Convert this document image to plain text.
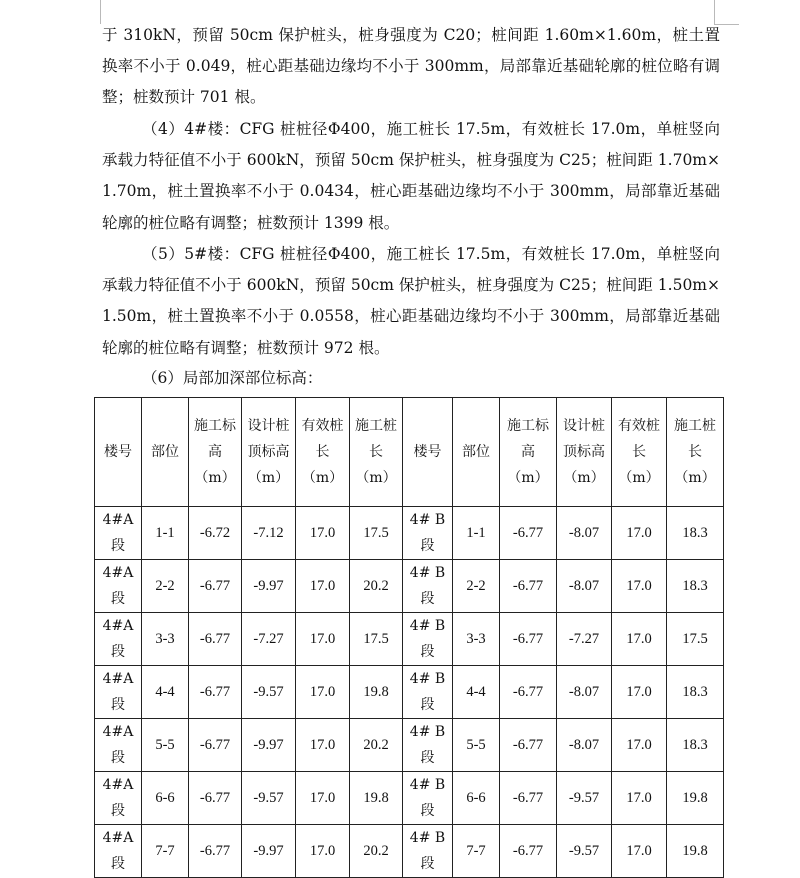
于 310kN，预留 50cm 保护桩头，桩身强度为 C20；桩间距 1.60m×1.60m，桩土置换率不小于 0.049，桩心距基础边缘均不小于 300mm，局部靠近基础轮廓的桩位略有调整；桩数预计 701 根。

（4）4#楼：CFG 桩桩径Φ400，施工桩长 17.5m，有效桩长 17.0m，单桩竖向承载力特征值不小于 600kN，预留 50cm 保护桩头，桩身强度为 C25；桩间距 1.70m×1.70m，桩土置换率不小于 0.0434，桩心距基础边缘均不小于 300mm，局部靠近基础轮廓的桩位略有调整；桩数预计 1399 根。

（5）5#楼：CFG 桩桩径Φ400，施工桩长 17.5m，有效桩长 17.0m，单桩竖向承载力特征值不小于 600kN，预留 50cm 保护桩头，桩身强度为 C25；桩间距 1.50m×1.50m，桩土置换率不小于 0.0558，桩心距基础边缘均不小于 300mm，局部靠近基础轮廓的桩位略有调整；桩数预计 972 根。

（6）局部加深部位标高：

楼号	部位	施工标高（m）	设计桩顶标高（m）	有效桩长（m）	施工桩长（m）	楼号	部位	施工标高（m）	设计桩顶标高（m）	有效桩长（m）	施工桩长（m）
4#A段	1-1	-6.72	-7.12	17.0	17.5	4# B段	1-1	-6.77	-8.07	17.0	18.3
4#A段	2-2	-6.77	-9.97	17.0	20.2	4# B段	2-2	-6.77	-8.07	17.0	18.3
4#A段	3-3	-6.77	-7.27	17.0	17.5	4# B段	3-3	-6.77	-7.27	17.0	17.5
4#A段	4-4	-6.77	-9.57	17.0	19.8	4# B段	4-4	-6.77	-8.07	17.0	18.3
4#A段	5-5	-6.77	-9.97	17.0	20.2	4# B段	5-5	-6.77	-8.07	17.0	18.3
4#A段	6-6	-6.77	-9.57	17.0	19.8	4# B段	6-6	-6.77	-9.57	17.0	19.8
4#A段	7-7	-6.77	-9.97	17.0	20.2	4# B段	7-7	-6.77	-9.57	17.0	19.8
